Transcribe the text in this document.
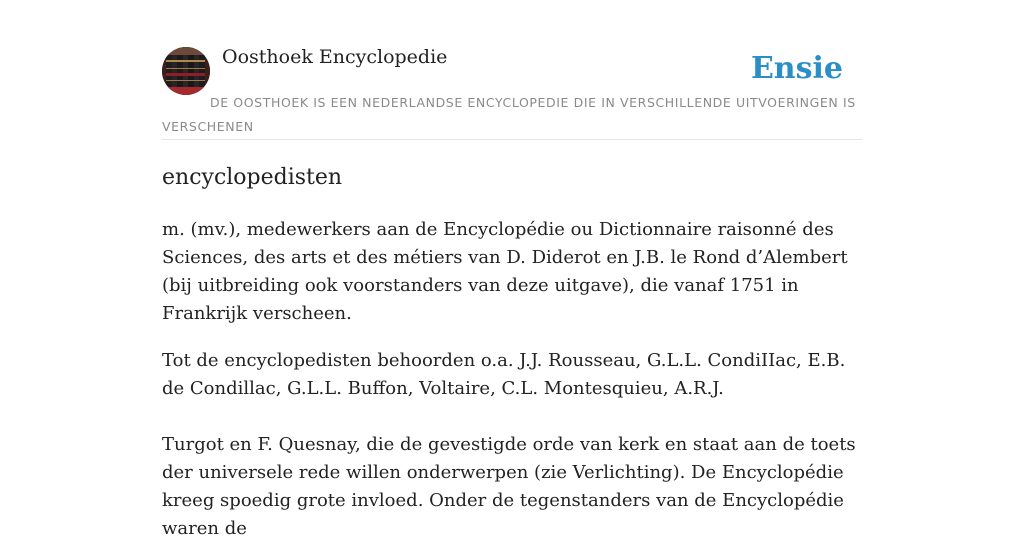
Oosthoek Encyclopedie	Ensie
DE OOSTHOEK IS EEN NEDERLANDSE ENCYCLOPEDIE DIE IN VERSCHILLENDE UITVOERINGEN IS VERSCHENEN
encyclopedisten

m. (mv.), medewerkers aan de Encyclopédie ou Dictionnaire raisonné des Sciences, des arts et des métiers van D. Diderot en J.B. le Rond d’Alembert (bij uitbreiding ook voorstanders van deze uitgave), die vanaf 1751 in Frankrijk verscheen.

Tot de encyclopedisten behoorden o.a. J.J. Rousseau, G.L.L. CondiIIac, E.B. de Condillac, G.L.L. Buffon, Voltaire, C.L. Montesquieu, A.R.J.

Turgot en F. Quesnay, die de gevestigde orde van kerk en staat aan de toets der universele rede willen onderwerpen (zie Verlichting). De Encyclopédie kreeg spoedig grote invloed. Onder de tegenstanders van de Encyclopédie waren de
